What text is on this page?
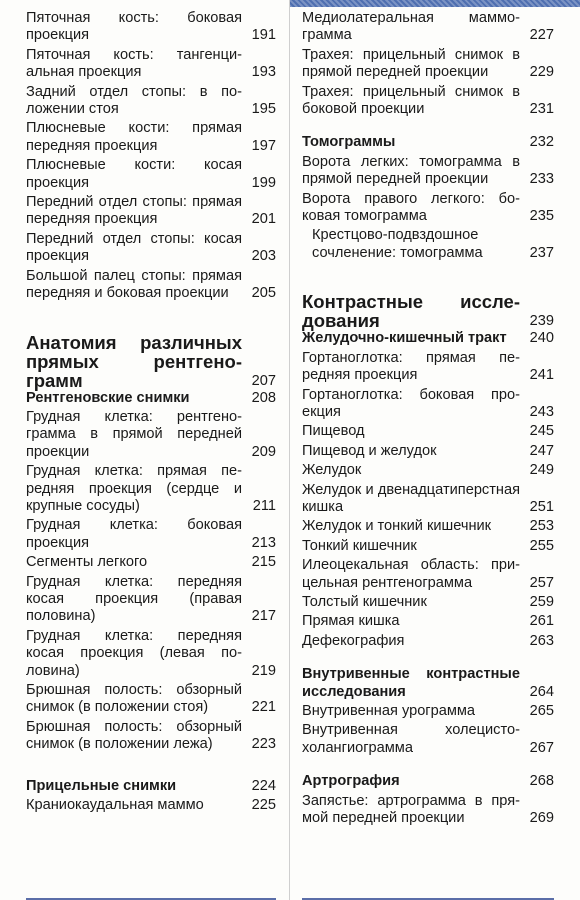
Пяточная кость: боковая проекция	191
Пяточная кость: тангенциальная проекция	193
Задний отдел стопы: в положении стоя	195
Плюсневые кости: прямая передняя проекция	197
Плюсневые кости: косая проекция	199
Передний отдел стопы: прямая передняя проекция	201
Передний отдел стопы: косая проекция	203
Большой палец стопы: прямая передняя и боковая проекции 205
Анатомия различных прямых рентгенограмм	207
Рентгеновские снимки	208
Грудная клетка: рентгенограмма в прямой передней проекции	209
Грудная клетка: прямая передняя проекция (сердце и крупные сосуды)	211
Грудная клетка: боковая проекция	213
Сегменты легкого	215
Грудная клетка: передняя косая проекция (правая половина)	217
Грудная клетка: передняя косая проекция (левая половина)	219
Брюшная полость: обзорный снимок (в положении стоя)	221
Брюшная полость: обзорный снимок (в положении лежа)	223
Прицельные снимки	224
Краниокаудальная маммо	225
Медиолатеральная маммограмма	227
Трахея: прицельный снимок в прямой передней проекции	229
Трахея: прицельный снимок в боковой проекции	231
Томограммы	232
Ворота легких: томограмма в прямой передней проекции	233
Ворота правого легкого: боковая томограмма	235
Крестцово-подвздошное сочленение: томограмма	237
Контрастные исследования	239
Желудочно-кишечный тракт 240
Гортаноглотка: прямая передняя проекция	241
Гортаноглотка: боковая проекция	243
Пищевод	245
Пищевод и желудок	247
Желудок	249
Желудок и двенадцатиперстная кишка	251
Желудок и тонкий кишечник	253
Тонкий кишечник	255
Илеоцекальная область: прицельная рентгенограмма	257
Толстый кишечник	259
Прямая кишка	261
Дефекография	263
Внутривенные контрастные исследования	264
Внутривенная урограмма	265
Внутривенная холецистохолангиограмма	267
Артрография	268
Запястье: артрограмма в прямой передней проекции	269
